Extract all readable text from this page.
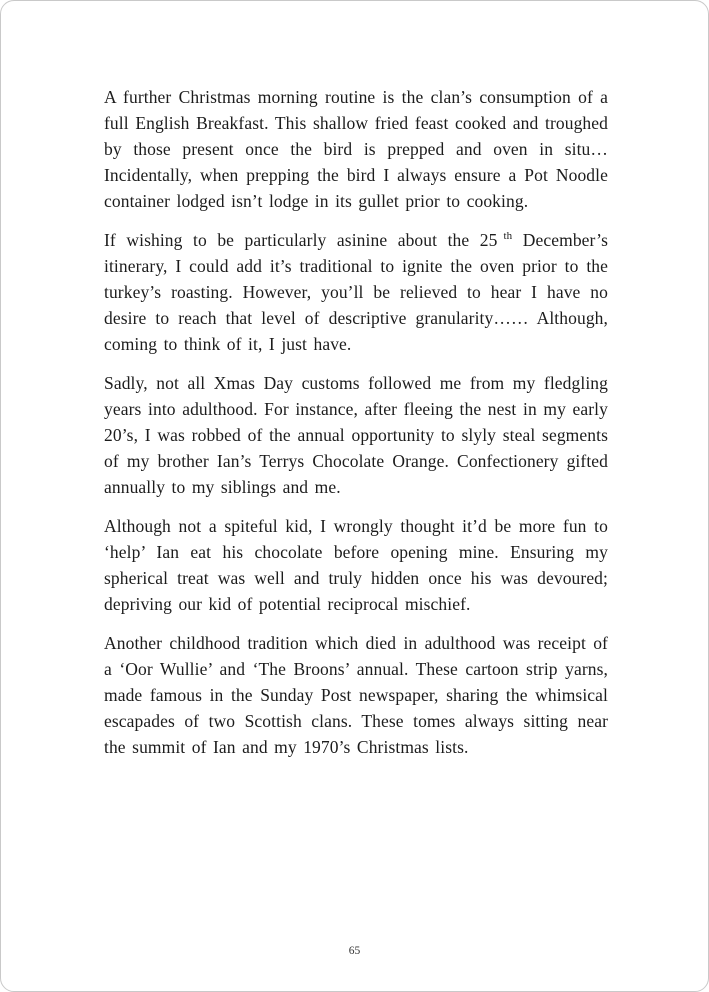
A further Christmas morning routine is the clan’s consumption of a full English Breakfast. This shallow fried feast cooked and troughed by those present once the bird is prepped and oven in situ… Incidentally, when prepping the bird I always ensure a Pot Noodle container lodged isn’t lodge in its gullet prior to cooking.

If wishing to be particularly asinine about the 25 $^{th}$ December’s itinerary, I could add it’s traditional to ignite the oven prior to the turkey’s roasting. However, you’ll be relieved to hear I have no desire to reach that level of descriptive granularity…… Although, coming to think of it, I just have.

Sadly, not all Xmas Day customs followed me from my fledgling years into adulthood. For instance, after fleeing the nest in my early 20’s, I was robbed of the annual opportunity to slyly steal segments of my brother Ian’s Terrys Chocolate Orange. Confectionery gifted annually to my siblings and me.

Although not a spiteful kid, I wrongly thought it’d be more fun to ‘help’ Ian eat his chocolate before opening mine. Ensuring my spherical treat was well and truly hidden once his was devoured; depriving our kid of potential reciprocal mischief.

Another childhood tradition which died in adulthood was receipt of a ‘Oor Wullie’ and ‘The Broons’ annual. These cartoon strip yarns, made famous in the Sunday Post newspaper, sharing the whimsical escapades of two Scottish clans. These tomes always sitting near the summit of Ian and my 1970’s Christmas lists.

65
